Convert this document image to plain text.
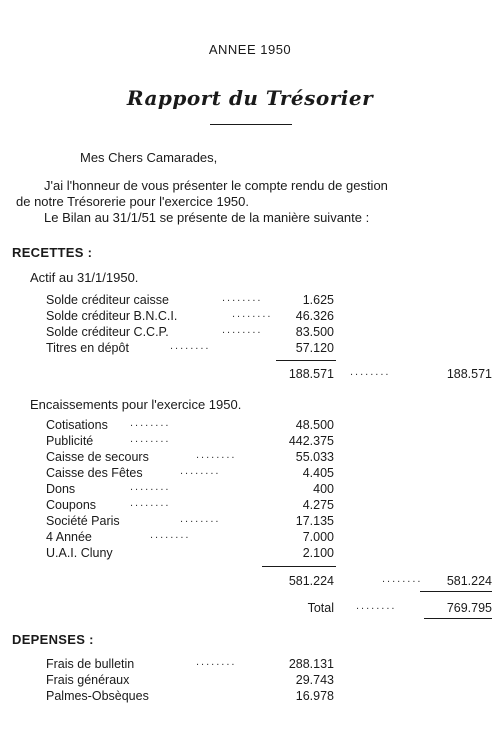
ANNEE 1950
Rapport du Trésorier
Mes Chers Camarades,
J'ai l'honneur de vous présenter le compte rendu de gestion
de notre Trésorerie pour l'exercice 1950.
Le Bilan au 31/1/51 se présente de la manière suivante :
RECETTES :
Actif au 31/1/1950.
Solde créditeur caisse	........	1.625
Solde créditeur B.N.C.I.	........	46.326
Solde créditeur C.C.P.	........	83.500
Titres en dépôt	........	57.120
188.571 ........	188.571
Encaissements pour l'exercice 1950.
Cotisations ........	48.500
Publicité	........	442.375
Caisse de secours	........	55.033
Caisse des Fêtes	........	4.405
Dons	........	400
Coupons	........	4.275
Société Paris	........	17.135
4 Année	........	7.000
U.A.I. Cluny	2.100
581.224	........	581.224
Total ........	769.795
DEPENSES :
Frais de bulletin	........	288.131
Frais généraux	29.743
Palmes-Obsèques	16.978
